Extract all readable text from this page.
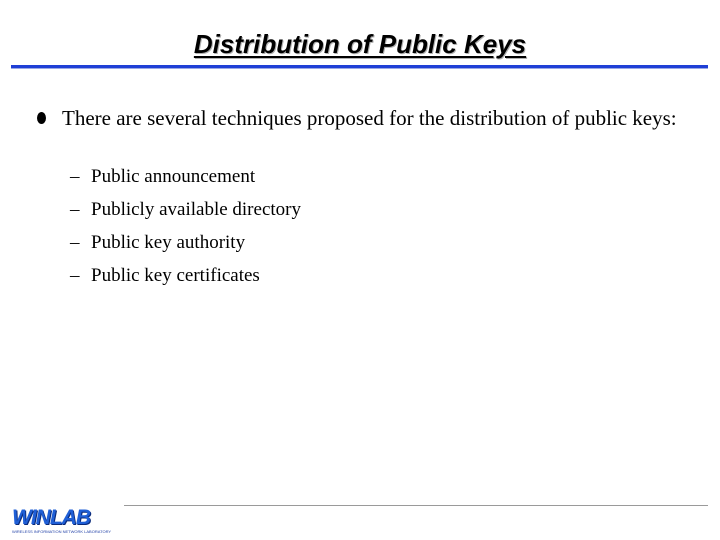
Distribution of Public Keys
There are several techniques proposed for the distribution of public keys:
– Public announcement
– Publicly available directory
– Public key authority
– Public key certificates
WINLAB
WIRELESS INFORMATION NETWORK LABORATORY
